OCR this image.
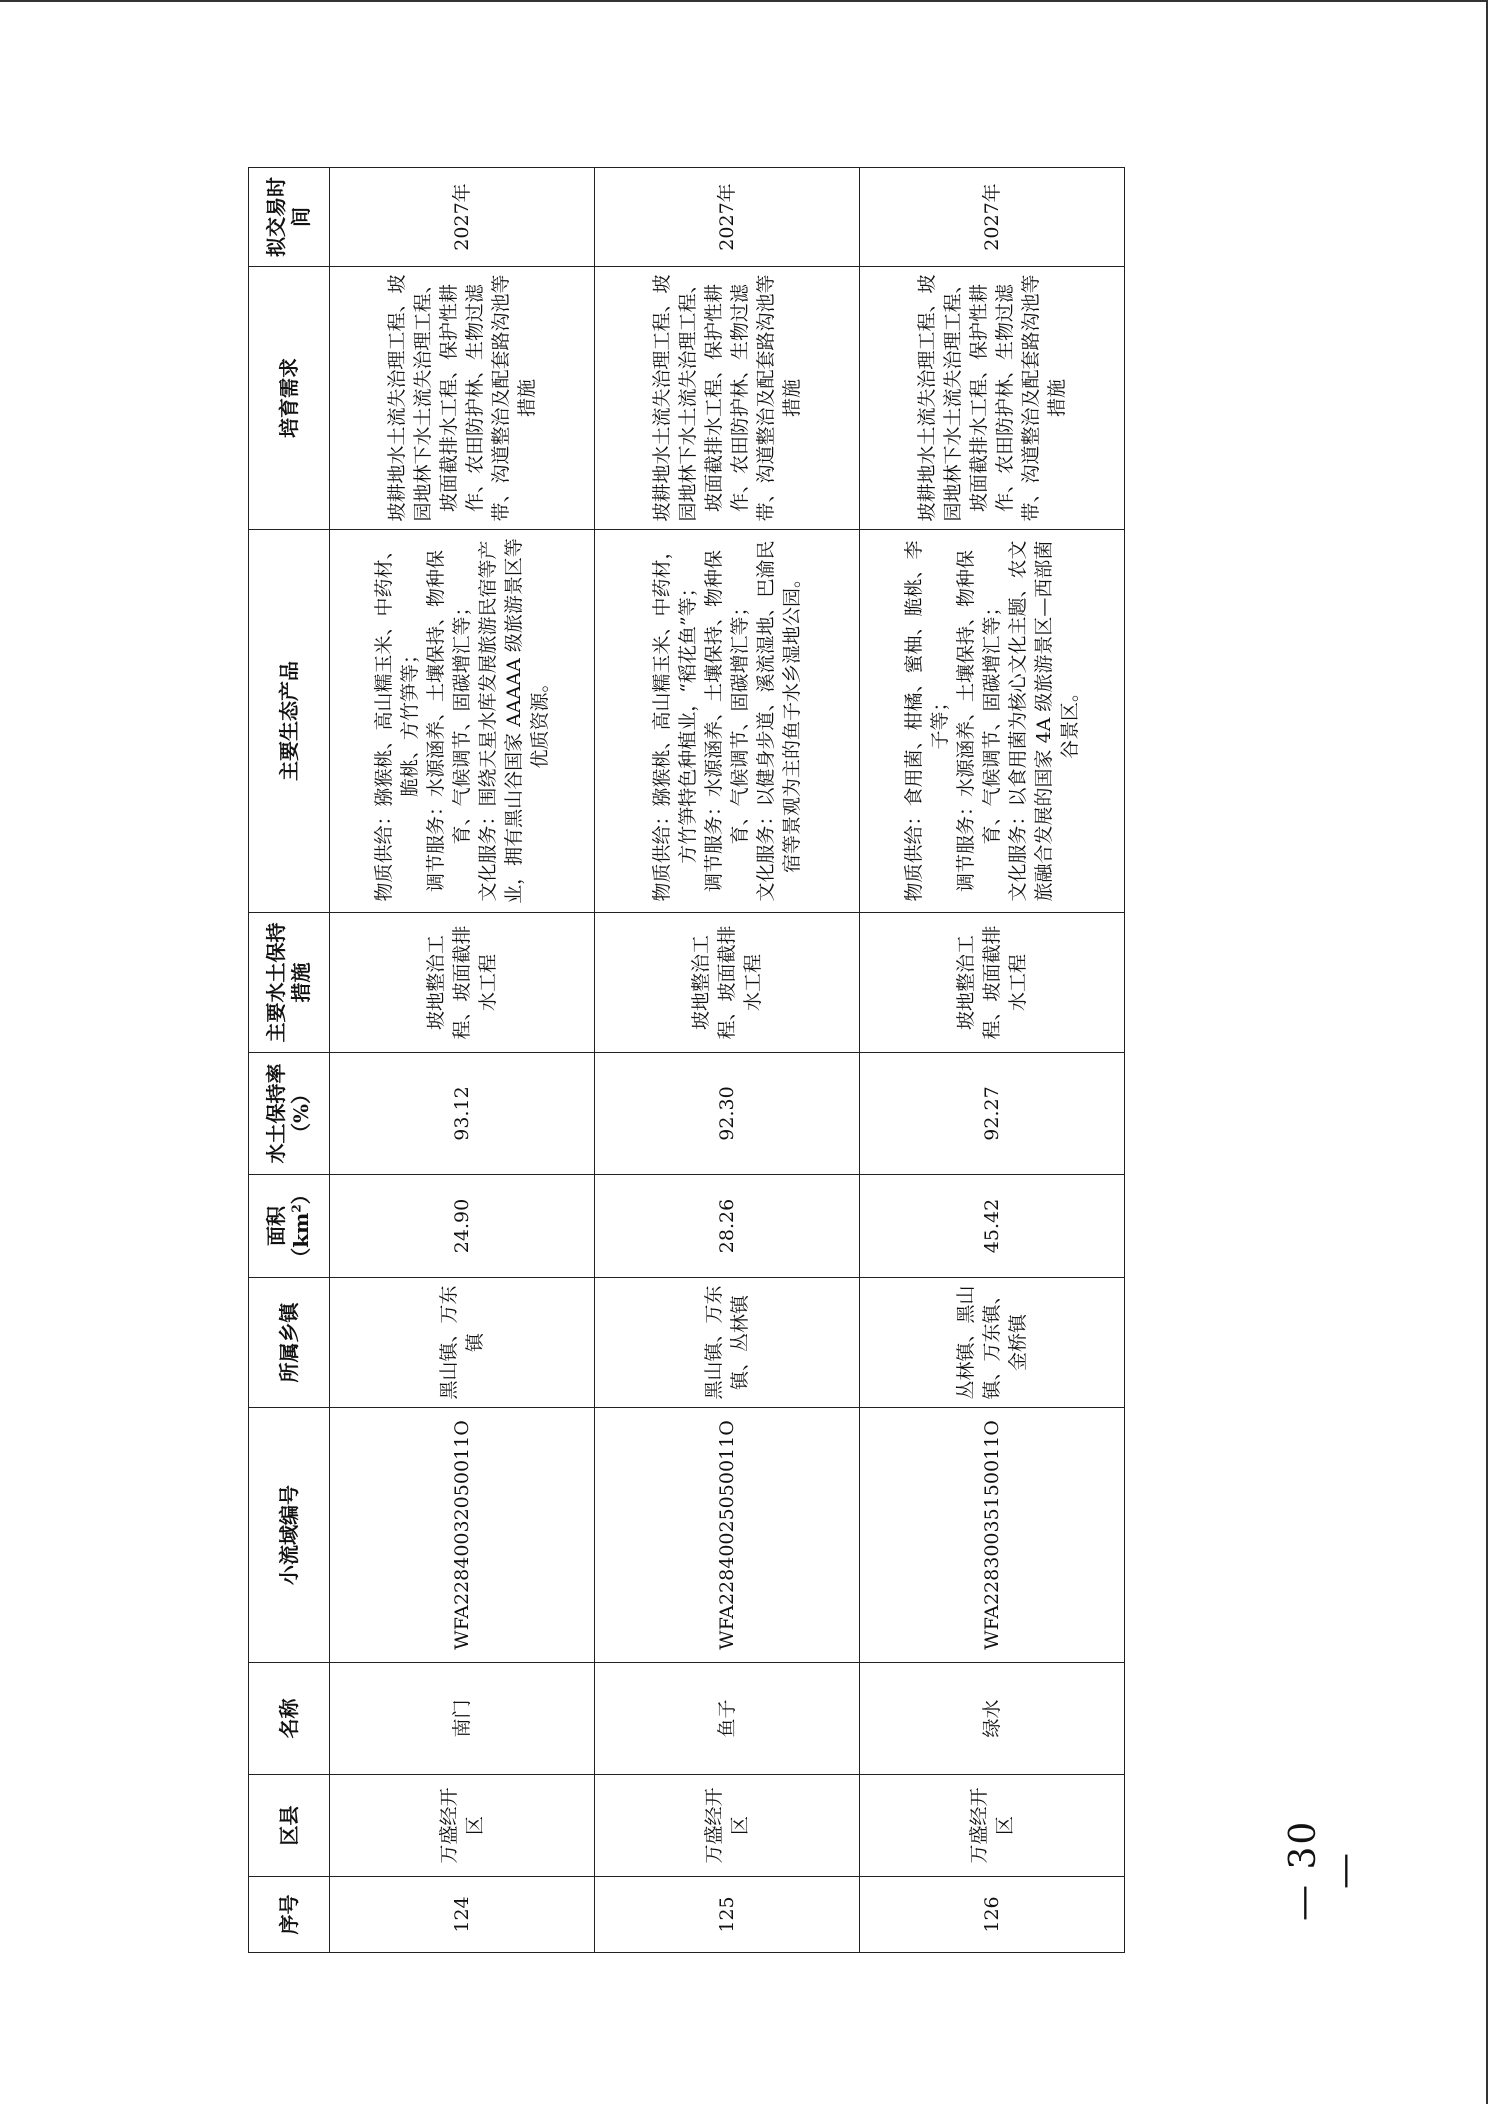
序号	区县	名称	小流域编号	所属乡镇	面积 $(km^2)$	水土保持率（%）	主要水土保持措施	主要生态产品	培育需求	拟交易时间
124	万盛经开区	南门	WFA22840032050011O	黑山镇、万东镇	24.90	93.12	坡地整治工程、坡面截排水工程	物质供给：猕猴桃、高山糯玉米、中药材、脆桃、方竹笋等； 调节服务：水源涵养、土壤保持、物种保育、气候调节、固碳增汇等； 文化服务：围绕天星水库发展旅游民宿等产业，拥有黑山谷国家 AAAAA 级旅游景区等优质资源。	坡耕地水土流失治理工程、坡园地林下水土流失治理工程、坡面截排水工程、保护性耕作、农田防护林、生物过滤带、沟道整治及配套路沟池等措施	2027年
125	万盛经开区	鱼子	WFA22840025050011O	黑山镇、万东镇、丛林镇	28.26	92.30	坡地整治工程、坡面截排水工程	物质供给：猕猴桃、高山糯玉米、中药材，方竹笋特色种植业，“稻花鱼”等； 调节服务：水源涵养、土壤保持、物种保育、气候调节、固碳增汇等； 文化服务：以健身步道、溪流湿地、巴渝民宿等景观为主的鱼子水乡湿地公园。	坡耕地水土流失治理工程、坡园地林下水土流失治理工程、坡面截排水工程、保护性耕作、农田防护林、生物过滤带、沟道整治及配套路沟池等措施	2027年
126	万盛经开区	绿水	WFA22830035150011O	丛林镇、黑山镇、万东镇、金桥镇	45.42	92.27	坡地整治工程、坡面截排水工程	物质供给：食用菌、柑橘、蜜柚、脆桃、李子等； 调节服务：水源涵养、土壤保持、物种保育、气候调节、固碳增汇等； 文化服务：以食用菌为核心文化主题、农文旅融合发展的国家 4A 级旅游景区—西部菌谷景区。	坡耕地水土流失治理工程、坡园地林下水土流失治理工程、坡面截排水工程、保护性耕作、农田防护林、生物过滤带、沟道整治及配套路沟池等措施	2027年
— 30 —
